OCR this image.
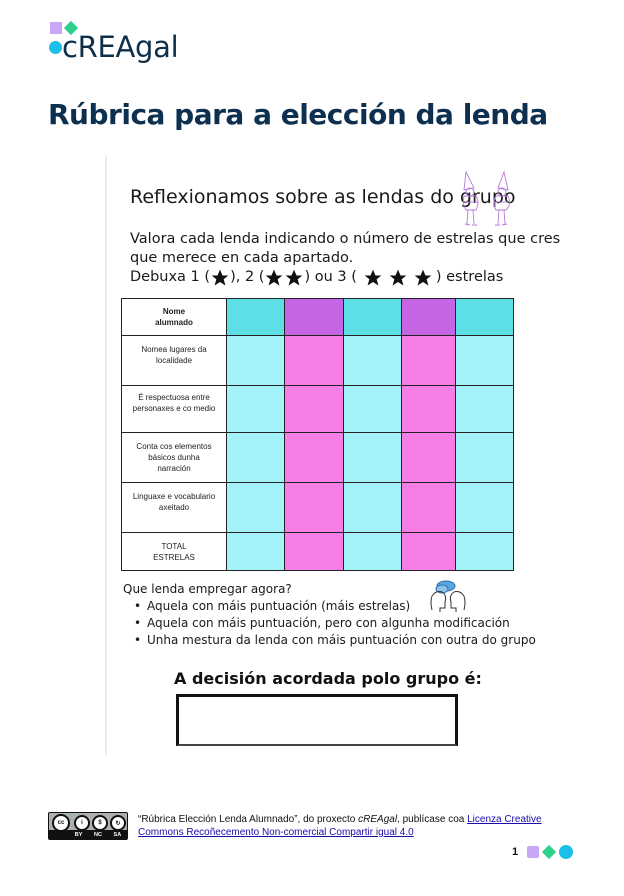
cREAgal
Rúbrica para a elección da lenda
Reflexionamos sobre as lendas do grupo
Valora cada lenda indicando o número de estrelas que cres
que merece en cada apartado.
Debuxa 1 ( ), 2 (	) ou 3 (	) estrelas
Nome
alumnado					

Nomea lugares da
localidade					

É respectuosa entre
personaxes e co medio					

Conta cos elementos
básicos dunha
narración					

Linguaxe e vocabulario
axeitado					

TOTAL
ESTRELAS					

Que lenda empregar agora?
• Aquela con máis puntuación (máis estrelas)
• Aquela con máis puntuación, pero con algunha modificación
• Unha mestura da lenda con máis puntuación con outra do grupo
A decisión acordada polo grupo é:
cc	i	$	↻
BY NC SA
“Rúbrica Elección Lenda Alumnado”, do proxecto cREAgal, publícase coa Licenza Creative Commons Recoñecemento Non-comercial Compartir igual 4.0
1
